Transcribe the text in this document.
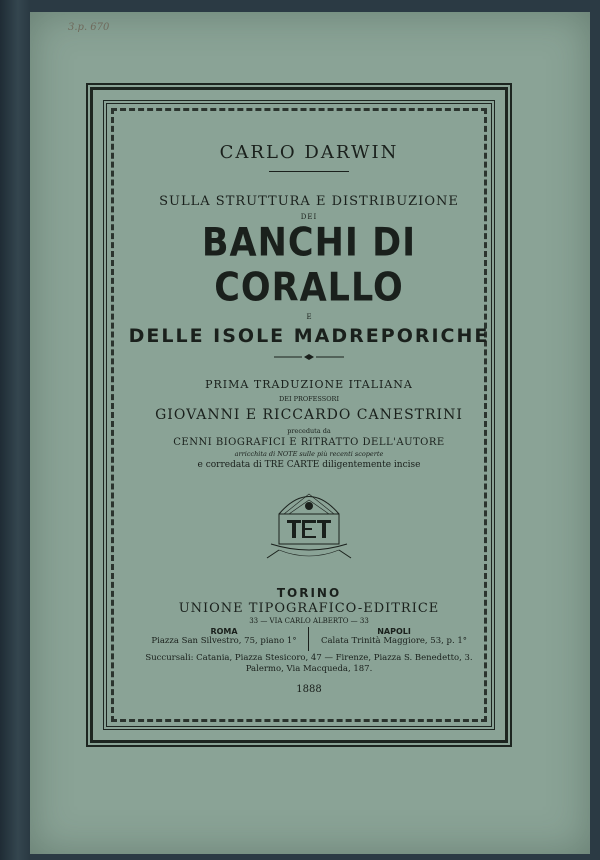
3.p. 670
CARLO DARWIN
SULLA STRUTTURA E DISTRIBUZIONE
DEI
BANCHI DI CORALLO
E
DELLE ISOLE MADREPORICHE
PRIMA TRADUZIONE ITALIANA
DEI PROFESSORI
GIOVANNI E RICCARDO CANESTRINI
preceduta da
CENNI BIOGRAFICI E RITRATTO DELL'AUTORE
arricchita di NOTE sulle più recenti scoperte
e corredata di TRE CARTE diligentemente incise
TORINO
UNIONE TIPOGRAFICO-EDITRICE
33 — VIA CARLO ALBERTO — 33
ROMA
Piazza San Silvestro, 75, piano 1°
NAPOLI
Calata Trinità Maggiore, 53, p. 1°
Succursali: Catania, Piazza Stesicoro, 47 — Firenze, Piazza S. Benedetto, 3.
Palermo, Via Macqueda, 187.
1888
